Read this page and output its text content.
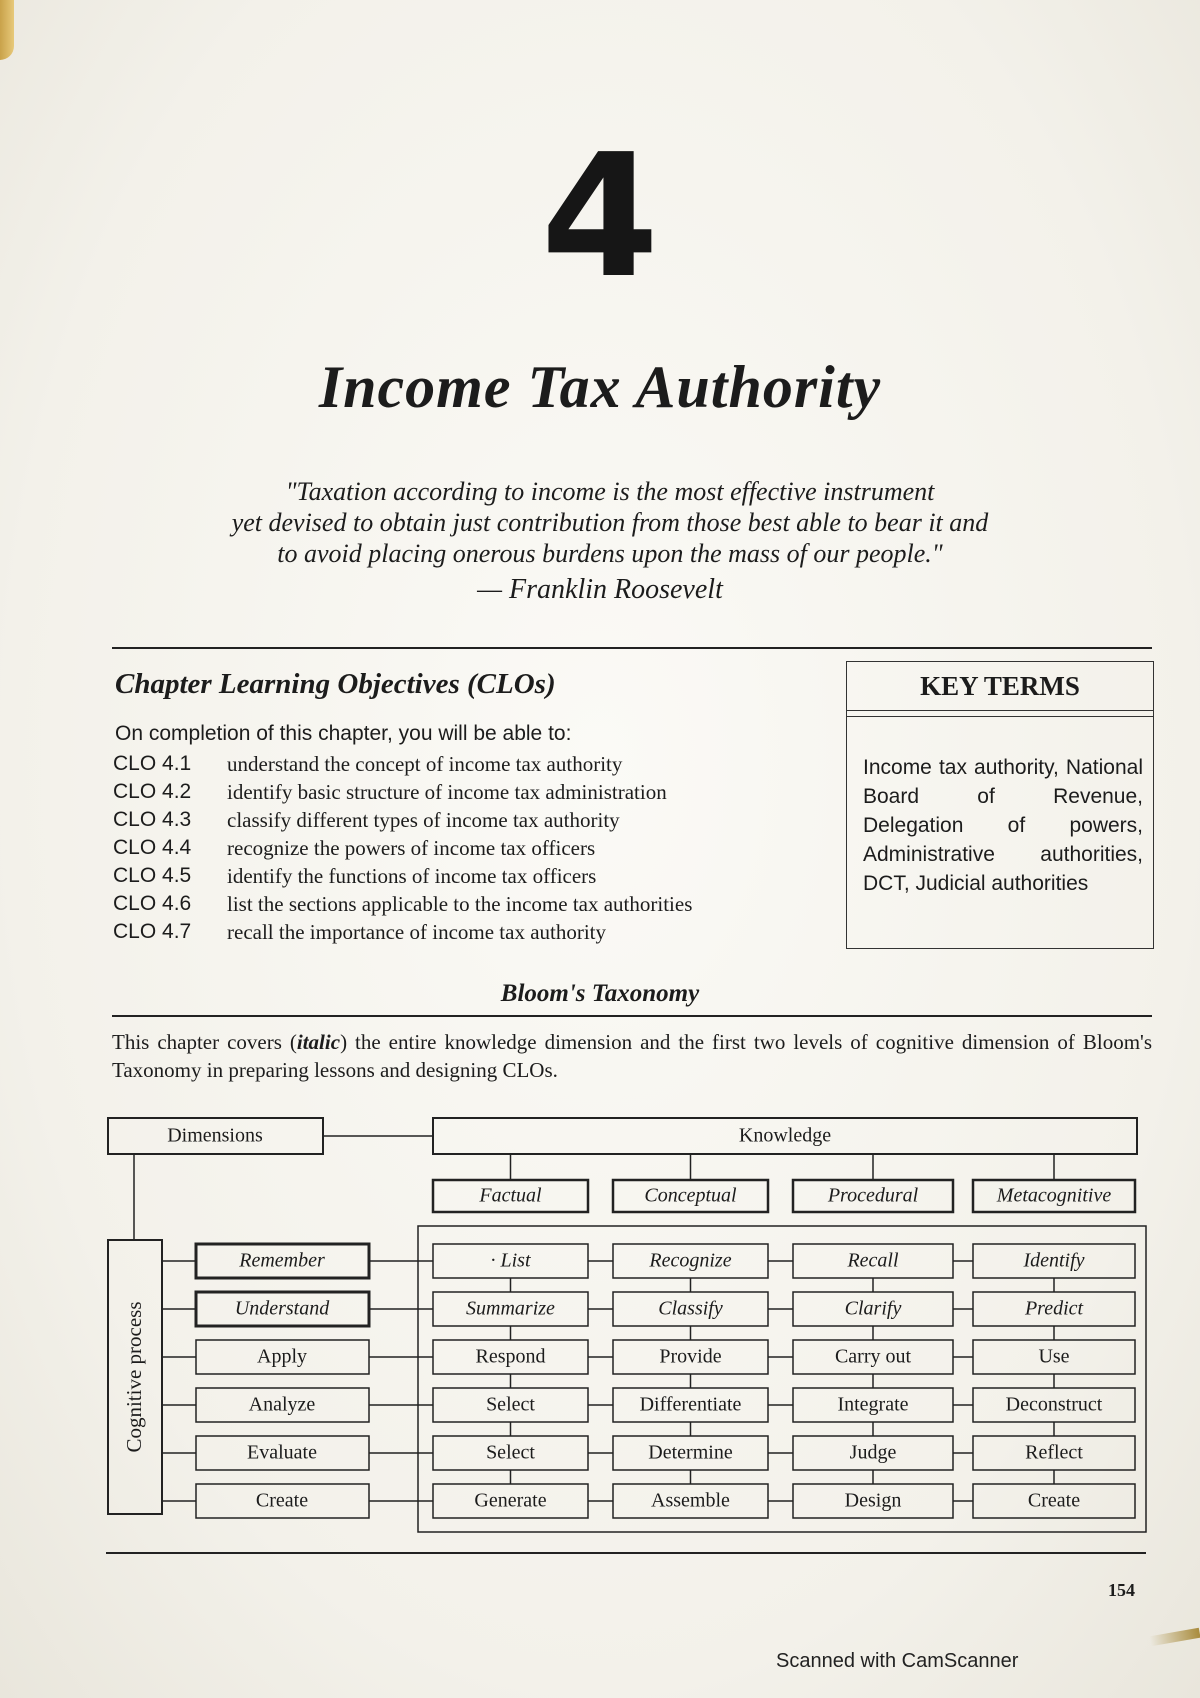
4
Income Tax Authority
"Taxation according to income is the most effective instrument
yet devised to obtain just contribution from those best able to bear it and
to avoid placing onerous burdens upon the mass of our people."
— Franklin Roosevelt
Chapter Learning Objectives (CLOs)
On completion of this chapter, you will be able to:
CLO 4.1	understand the concept of income tax authority
CLO 4.2	identify basic structure of income tax administration
CLO 4.3	classify different types of income tax authority
CLO 4.4	recognize the powers of income tax officers
CLO 4.5	identify the functions of income tax officers
CLO 4.6	list the sections applicable to the income tax authorities
CLO 4.7	recall the importance of income tax authority
KEY TERMS
Income tax authority, National Board of Revenue, Delegation of powers, Administrative authorities, DCT, Judicial authorities
Bloom's Taxonomy
This chapter covers (italic) the entire knowledge dimension and the first two levels of cognitive dimension of Bloom's Taxonomy in preparing lessons and designing CLOs.
Dimensions	Knowledge
Factual	Conceptual	Procedural	Metacognitive
Cognitive process
Remember	· List	Recognize	Recall	Identify
Understand	Summarize	Classify	Clarify	Predict
Apply	Respond	Provide	Carry out	Use
Analyze	Select	Differentiate	Integrate	Deconstruct
Evaluate	Select	Determine	Judge	Reflect
Create	Generate	Assemble	Design	Create
154
Scanned with CamScanner
